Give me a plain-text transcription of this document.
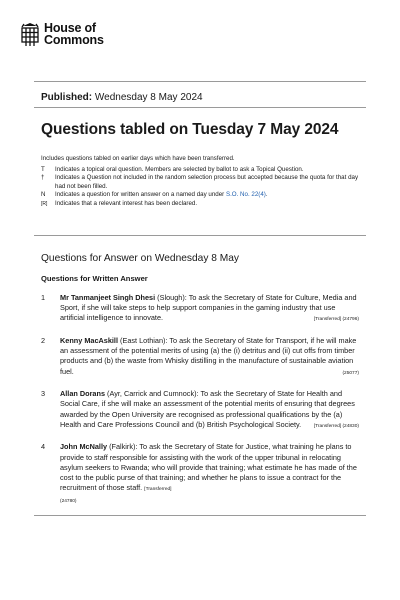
House of
Commons
Published: Wednesday 8 May 2024
Questions tabled on Tuesday 7 May 2024
Includes questions tabled on earlier days which have been transferred.
T	Indicates a topical oral question. Members are selected by ballot to ask a Topical Question.
†	Indicates a Question not included in the random selection process but accepted because the quota for that day had not been filled.
N	Indicates a question for written answer on a named day under S.O. No. 22(4).
[R]	Indicates that a relevant interest has been declared.
Questions for Answer on Wednesday 8 May
Questions for Written Answer
1	Mr Tanmanjeet Singh Dhesi (Slough): To ask the Secretary of State for Culture, Media and Sport, if she will take steps to help support companies in the gaming industry that use artificial intelligence to innovate.	[Transferred] (24796)
2	Kenny MacAskill (East Lothian): To ask the Secretary of State for Transport, if he will make an assessment of the potential merits of using (a) the (i) detritus and (ii) cut offs from timber products and (b) the waste from Whisky distilling in the manufacture of sustainable aviation fuel.	(25077)
3	Allan Dorans (Ayr, Carrick and Cumnock): To ask the Secretary of State for Health and Social Care, if she will make an assessment of the potential merits of ensuring that degrees awarded by the Open University are recognised as professional qualifications by the (a) Health and Care Professions Council and (b) British Psychological Society.	[Transferred] (24830)
4	John McNally (Falkirk): To ask the Secretary of State for Justice, what training he plans to provide to staff responsible for assisting with the work of the upper tribunal in relocating asylum seekers to Rwanda; who will provide that training; what estimate he has made of the cost to the public purse of that training; and whether he plans to issue a contract for the recruitment of those staff. [Transferred]
(24780)
